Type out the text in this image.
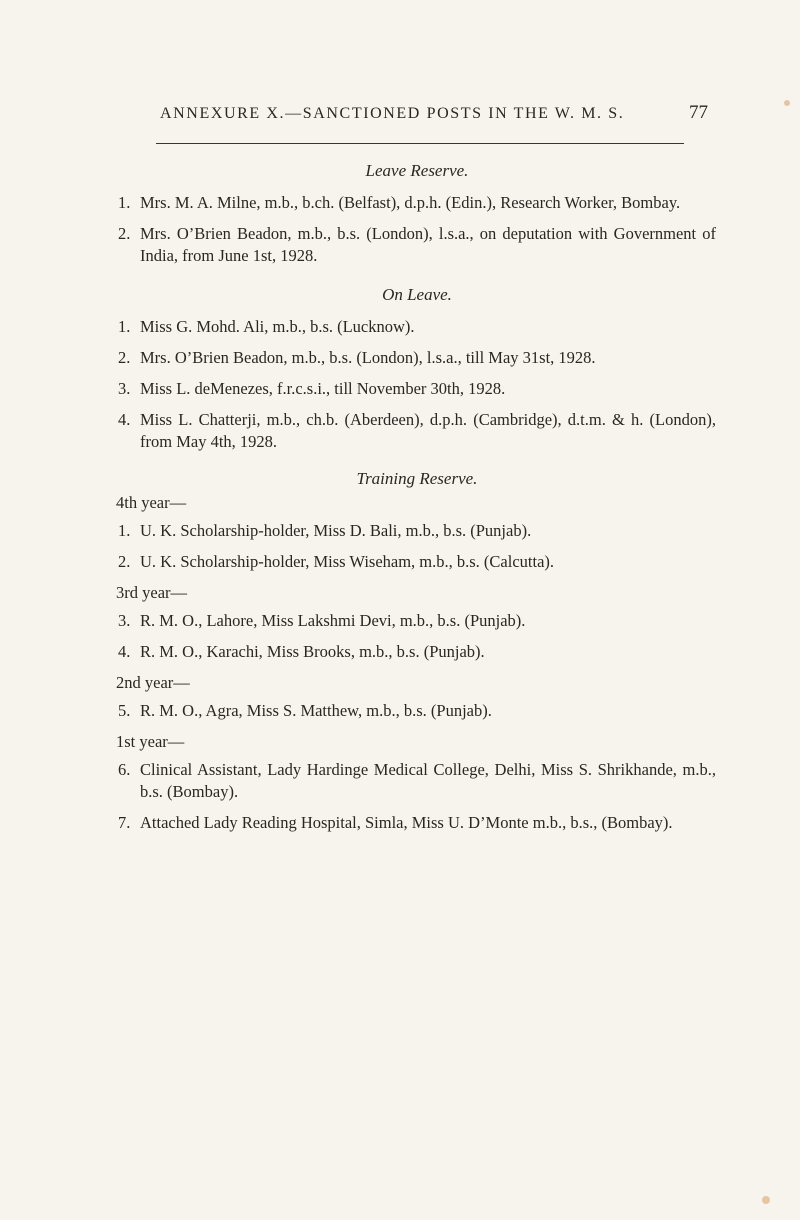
ANNEXURE X.—SANCTIONED POSTS IN THE W. M. S.	77
Leave Reserve.
1. Mrs. M. A. Milne, m.b., b.ch. (Belfast), d.p.h. (Edin.), Research Worker, Bombay.
2. Mrs. O’Brien Beadon, m.b., b.s. (London), l.s.a., on deputation with Government of India, from June 1st, 1928.
On Leave.
1. Miss G. Mohd. Ali, m.b., b.s. (Lucknow).
2. Mrs. O’Brien Beadon, m.b., b.s. (London), l.s.a., till May 31st, 1928.
3. Miss L. deMenezes, f.r.c.s.i., till November 30th, 1928.
4. Miss L. Chatterji, m.b., ch.b. (Aberdeen), d.p.h. (Cambridge), d.t.m. & h. (London), from May 4th, 1928.
Training Reserve.
4th year—
1. U. K. Scholarship-holder, Miss D. Bali, m.b., b.s. (Punjab).
2. U. K. Scholarship-holder, Miss Wiseham, m.b., b.s. (Calcutta).
3rd year—
3. R. M. O., Lahore, Miss Lakshmi Devi, m.b., b.s. (Punjab).
4. R. M. O., Karachi, Miss Brooks, m.b., b.s. (Punjab).
2nd year—
5. R. M. O., Agra, Miss S. Matthew, m.b., b.s. (Punjab).
1st year—
6. Clinical Assistant, Lady Hardinge Medical College, Delhi, Miss S. Shrikhande, m.b., b.s. (Bombay).
7. Attached Lady Reading Hospital, Simla, Miss U. D’Monte m.b., b.s., (Bombay).
